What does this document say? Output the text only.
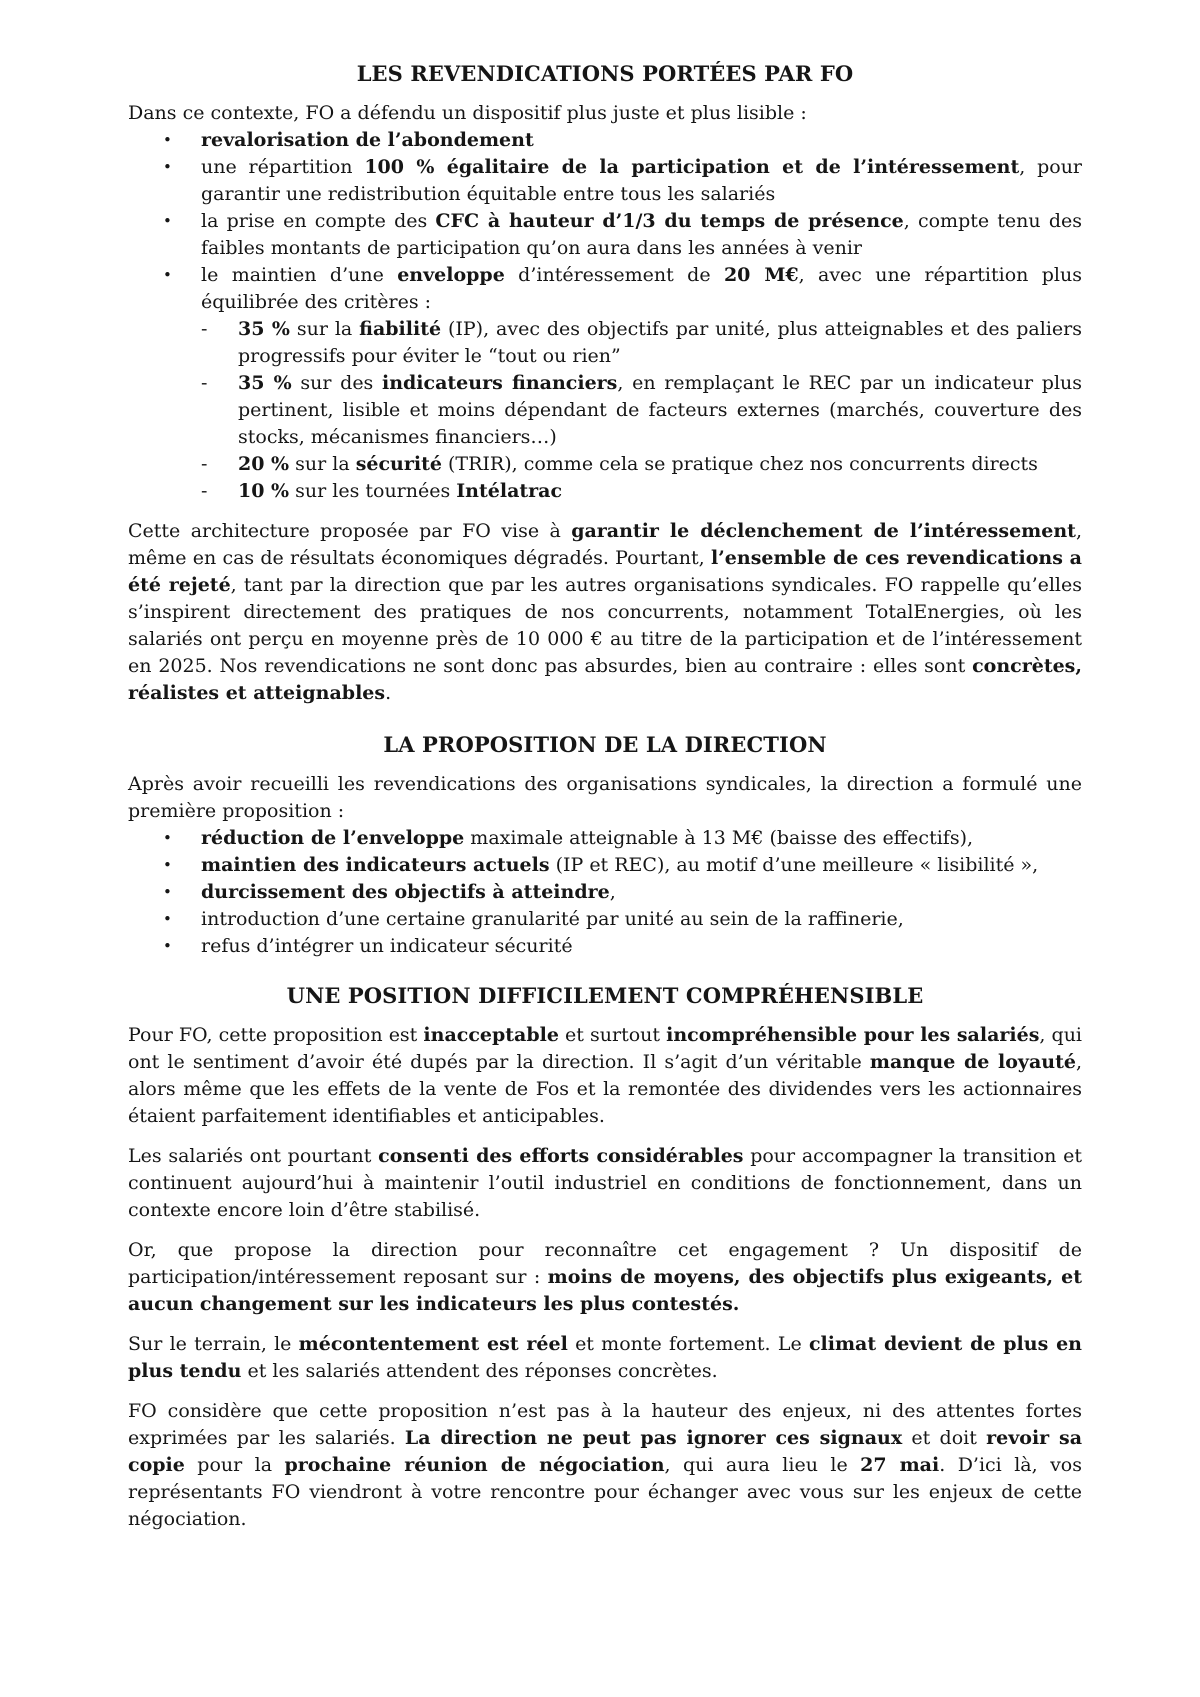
LES REVENDICATIONS PORTÉES PAR FO

Dans ce contexte, FO a défendu un dispositif plus juste et plus lisible :

• revalorisation de l’abondement
• une répartition 100 % égalitaire de la participation et de l’intéressement, pour garantir une redistribution équitable entre tous les salariés
• la prise en compte des CFC à hauteur d’1/3 du temps de présence, compte tenu des faibles montants de participation qu’on aura dans les années à venir
• le maintien d’une enveloppe d’intéressement de 20 M€, avec une répartition plus équilibrée des critères :
- 35 % sur la fiabilité (IP), avec des objectifs par unité, plus atteignables et des paliers progressifs pour éviter le “tout ou rien”
- 35 % sur des indicateurs financiers, en remplaçant le REC par un indicateur plus pertinent, lisible et moins dépendant de facteurs externes (marchés, couverture des stocks, mécanismes financiers…)
- 20 % sur la sécurité (TRIR), comme cela se pratique chez nos concurrents directs
- 10 % sur les tournées Intélatrac

Cette architecture proposée par FO vise à garantir le déclenchement de l’intéressement, même en cas de résultats économiques dégradés. Pourtant, l’ensemble de ces revendications a été rejeté, tant par la direction que par les autres organisations syndicales. FO rappelle qu’elles s’inspirent directement des pratiques de nos concurrents, notamment TotalEnergies, où les salariés ont perçu en moyenne près de 10 000 € au titre de la participation et de l’intéressement en 2025. Nos revendications ne sont donc pas absurdes, bien au contraire : elles sont concrètes, réalistes et atteignables.

LA PROPOSITION DE LA DIRECTION

Après avoir recueilli les revendications des organisations syndicales, la direction a formulé une première proposition :

• réduction de l’enveloppe maximale atteignable à 13 M€ (baisse des effectifs),
• maintien des indicateurs actuels (IP et REC), au motif d’une meilleure « lisibilité »,
• durcissement des objectifs à atteindre,
• introduction d’une certaine granularité par unité au sein de la raffinerie,
• refus d’intégrer un indicateur sécurité
UNE POSITION DIFFICILEMENT COMPRÉHENSIBLE

Pour FO, cette proposition est inacceptable et surtout incompréhensible pour les salariés, qui ont le sentiment d’avoir été dupés par la direction. Il s’agit d’un véritable manque de loyauté, alors même que les effets de la vente de Fos et la remontée des dividendes vers les actionnaires étaient parfaitement identifiables et anticipables.

Les salariés ont pourtant consenti des efforts considérables pour accompagner la transition et continuent aujourd’hui à maintenir l’outil industriel en conditions de fonctionnement, dans un contexte encore loin d’être stabilisé.

Or, que propose la direction pour reconnaître cet engagement ? Un dispositif de participation/intéressement reposant sur : moins de moyens, des objectifs plus exigeants, et aucun changement sur les indicateurs les plus contestés.

Sur le terrain, le mécontentement est réel et monte fortement. Le climat devient de plus en plus tendu et les salariés attendent des réponses concrètes.

FO considère que cette proposition n’est pas à la hauteur des enjeux, ni des attentes fortes exprimées par les salariés. La direction ne peut pas ignorer ces signaux et doit revoir sa copie pour la prochaine réunion de négociation, qui aura lieu le 27 mai. D’ici là, vos représentants FO viendront à votre rencontre pour échanger avec vous sur les enjeux de cette négociation.
